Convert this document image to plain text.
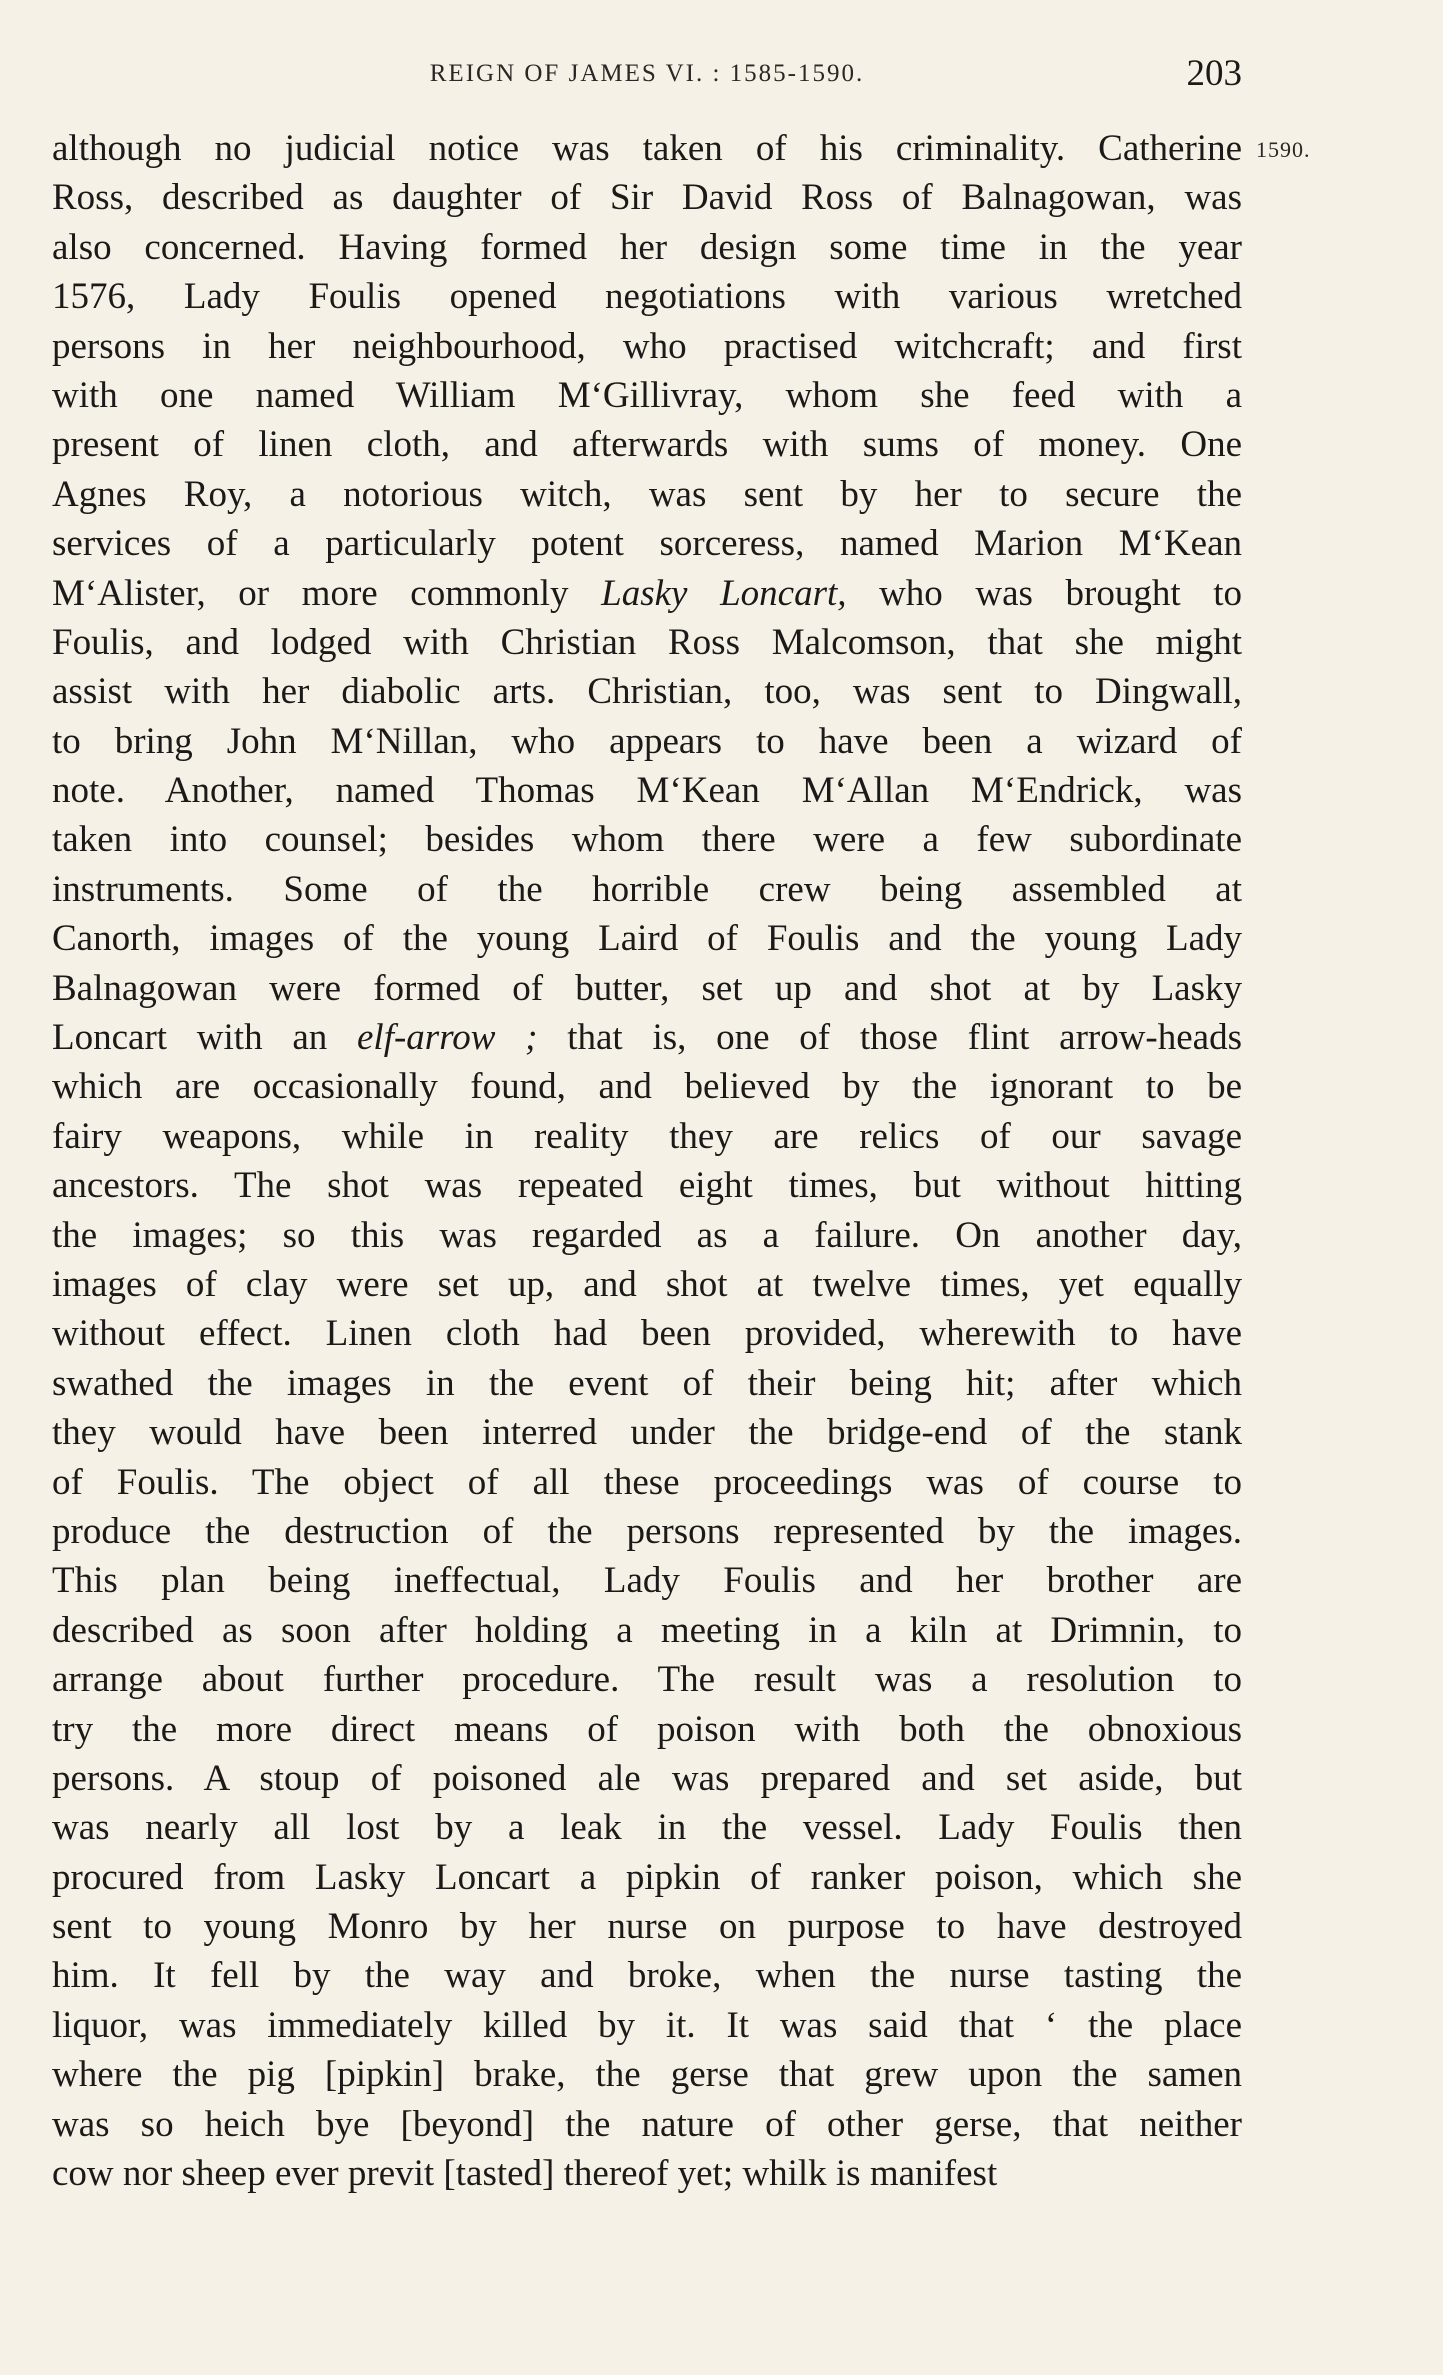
REIGN OF JAMES VI. : 1585-1590.	203
1590.
although no judicial notice was taken of his criminality. Catherine
Ross, described as daughter of Sir David Ross of Balnagowan, was
also concerned. Having formed her design some time in the year
1576, Lady Foulis opened negotiations with various wretched
persons in her neighbourhood, who practised witchcraft; and first
with one named William M‘Gillivray, whom she feed with a
present of linen cloth, and afterwards with sums of money. One
Agnes Roy, a notorious witch, was sent by her to secure the
services of a particularly potent sorceress, named Marion M‘Kean
M‘Alister, or more commonly Lasky Loncart, who was brought to
Foulis, and lodged with Christian Ross Malcomson, that she might
assist with her diabolic arts. Christian, too, was sent to Dingwall,
to bring John M‘Nillan, who appears to have been a wizard of
note. Another, named Thomas M‘Kean M‘Allan M‘Endrick, was
taken into counsel; besides whom there were a few subordinate
instruments. Some of the horrible crew being assembled at
Canorth, images of the young Laird of Foulis and the young Lady
Balnagowan were formed of butter, set up and shot at by Lasky
Loncart with an elf-arrow ; that is, one of those flint arrow-heads
which are occasionally found, and believed by the ignorant to be
fairy weapons, while in reality they are relics of our savage
ancestors. The shot was repeated eight times, but without hitting
the images; so this was regarded as a failure. On another day,
images of clay were set up, and shot at twelve times, yet equally
without effect. Linen cloth had been provided, wherewith to have
swathed the images in the event of their being hit; after which
they would have been interred under the bridge-end of the stank
of Foulis. The object of all these proceedings was of course to
produce the destruction of the persons represented by the images.
This plan being ineffectual, Lady Foulis and her brother are
described as soon after holding a meeting in a kiln at Drimnin, to
arrange about further procedure. The result was a resolution to
try the more direct means of poison with both the obnoxious
persons. A stoup of poisoned ale was prepared and set aside, but
was nearly all lost by a leak in the vessel. Lady Foulis then
procured from Lasky Loncart a pipkin of ranker poison, which she
sent to young Monro by her nurse on purpose to have destroyed
him. It fell by the way and broke, when the nurse tasting the
liquor, was immediately killed by it. It was said that ‘ the place
where the pig [pipkin] brake, the gerse that grew upon the samen
was so heich bye [beyond] the nature of other gerse, that neither
cow nor sheep ever previt [tasted] thereof yet; whilk is manifest
